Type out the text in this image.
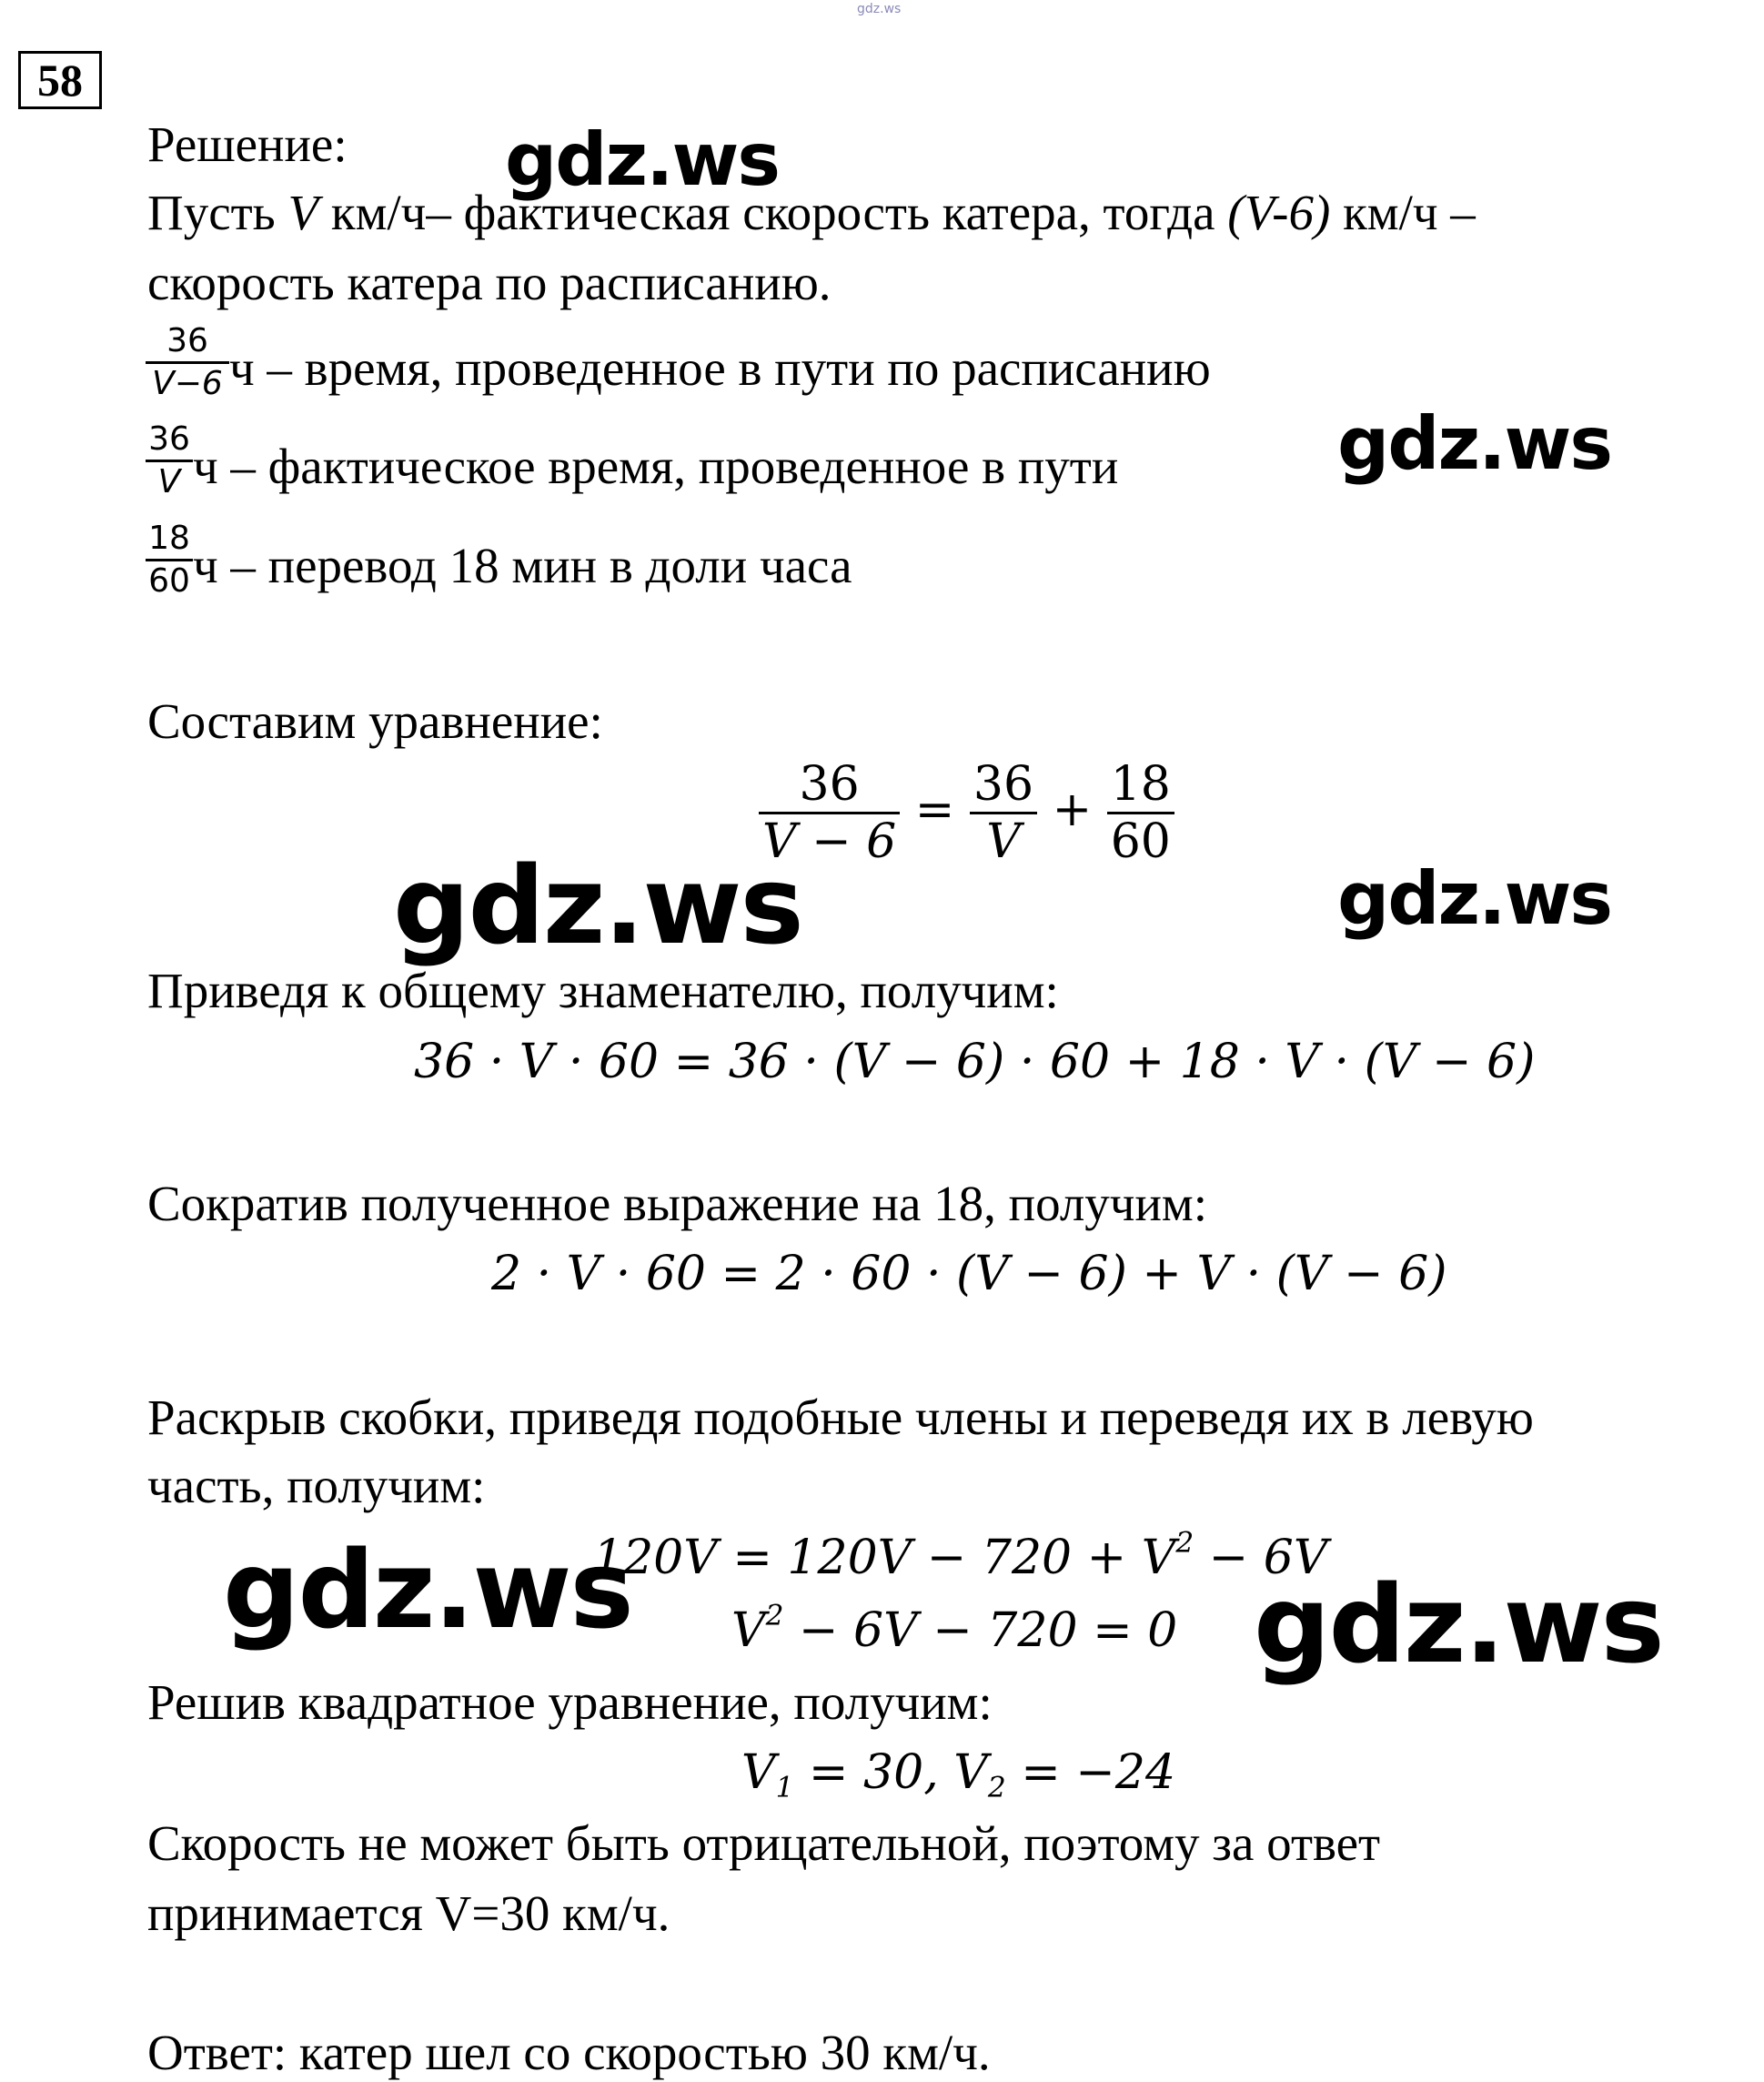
gdz.ws
58
Решение:
Пусть V км/ч– фактическая скорость катера, тогда (V-6) км/ч –
скорость катера по расписанию.
$\frac{36}{V-6}$ ч – время, проведенное в пути по расписанию
$\frac{36}{V}$ ч – фактическое время, проведенное в пути
$\frac{18}{60}$ ч – перевод 18 мин в доли часа
Составим уравнение:
$\frac{36}{V - 6} = \frac{36}{V} + \frac{18}{60}$
Приведя к общему знаменателю, получим:
36 · V · 60 = 36 · (V − 6) · 60 + 18 · V · (V − 6)
Сократив полученное выражение на 18, получим:
2 · V · 60 = 2 · 60 · (V − 6) + V · (V − 6)
Раскрыв скобки, приведя подобные члены и переведя их в левую
часть, получим:
$120V = 120V - 720 + V^2 - 6V$
$V^2 - 6V - 720 = 0$
Решив квадратное уравнение, получим:
$V_1 = 30$, $V_2 = -24$
Скорость не может быть отрицательной, поэтому за ответ
принимается V=30 км/ч.
Ответ: катер шел со скоростью 30 км/ч.
gdz.ws
gdz.ws
gdz.ws	gdz.ws
gdz.ws	gdz.ws
